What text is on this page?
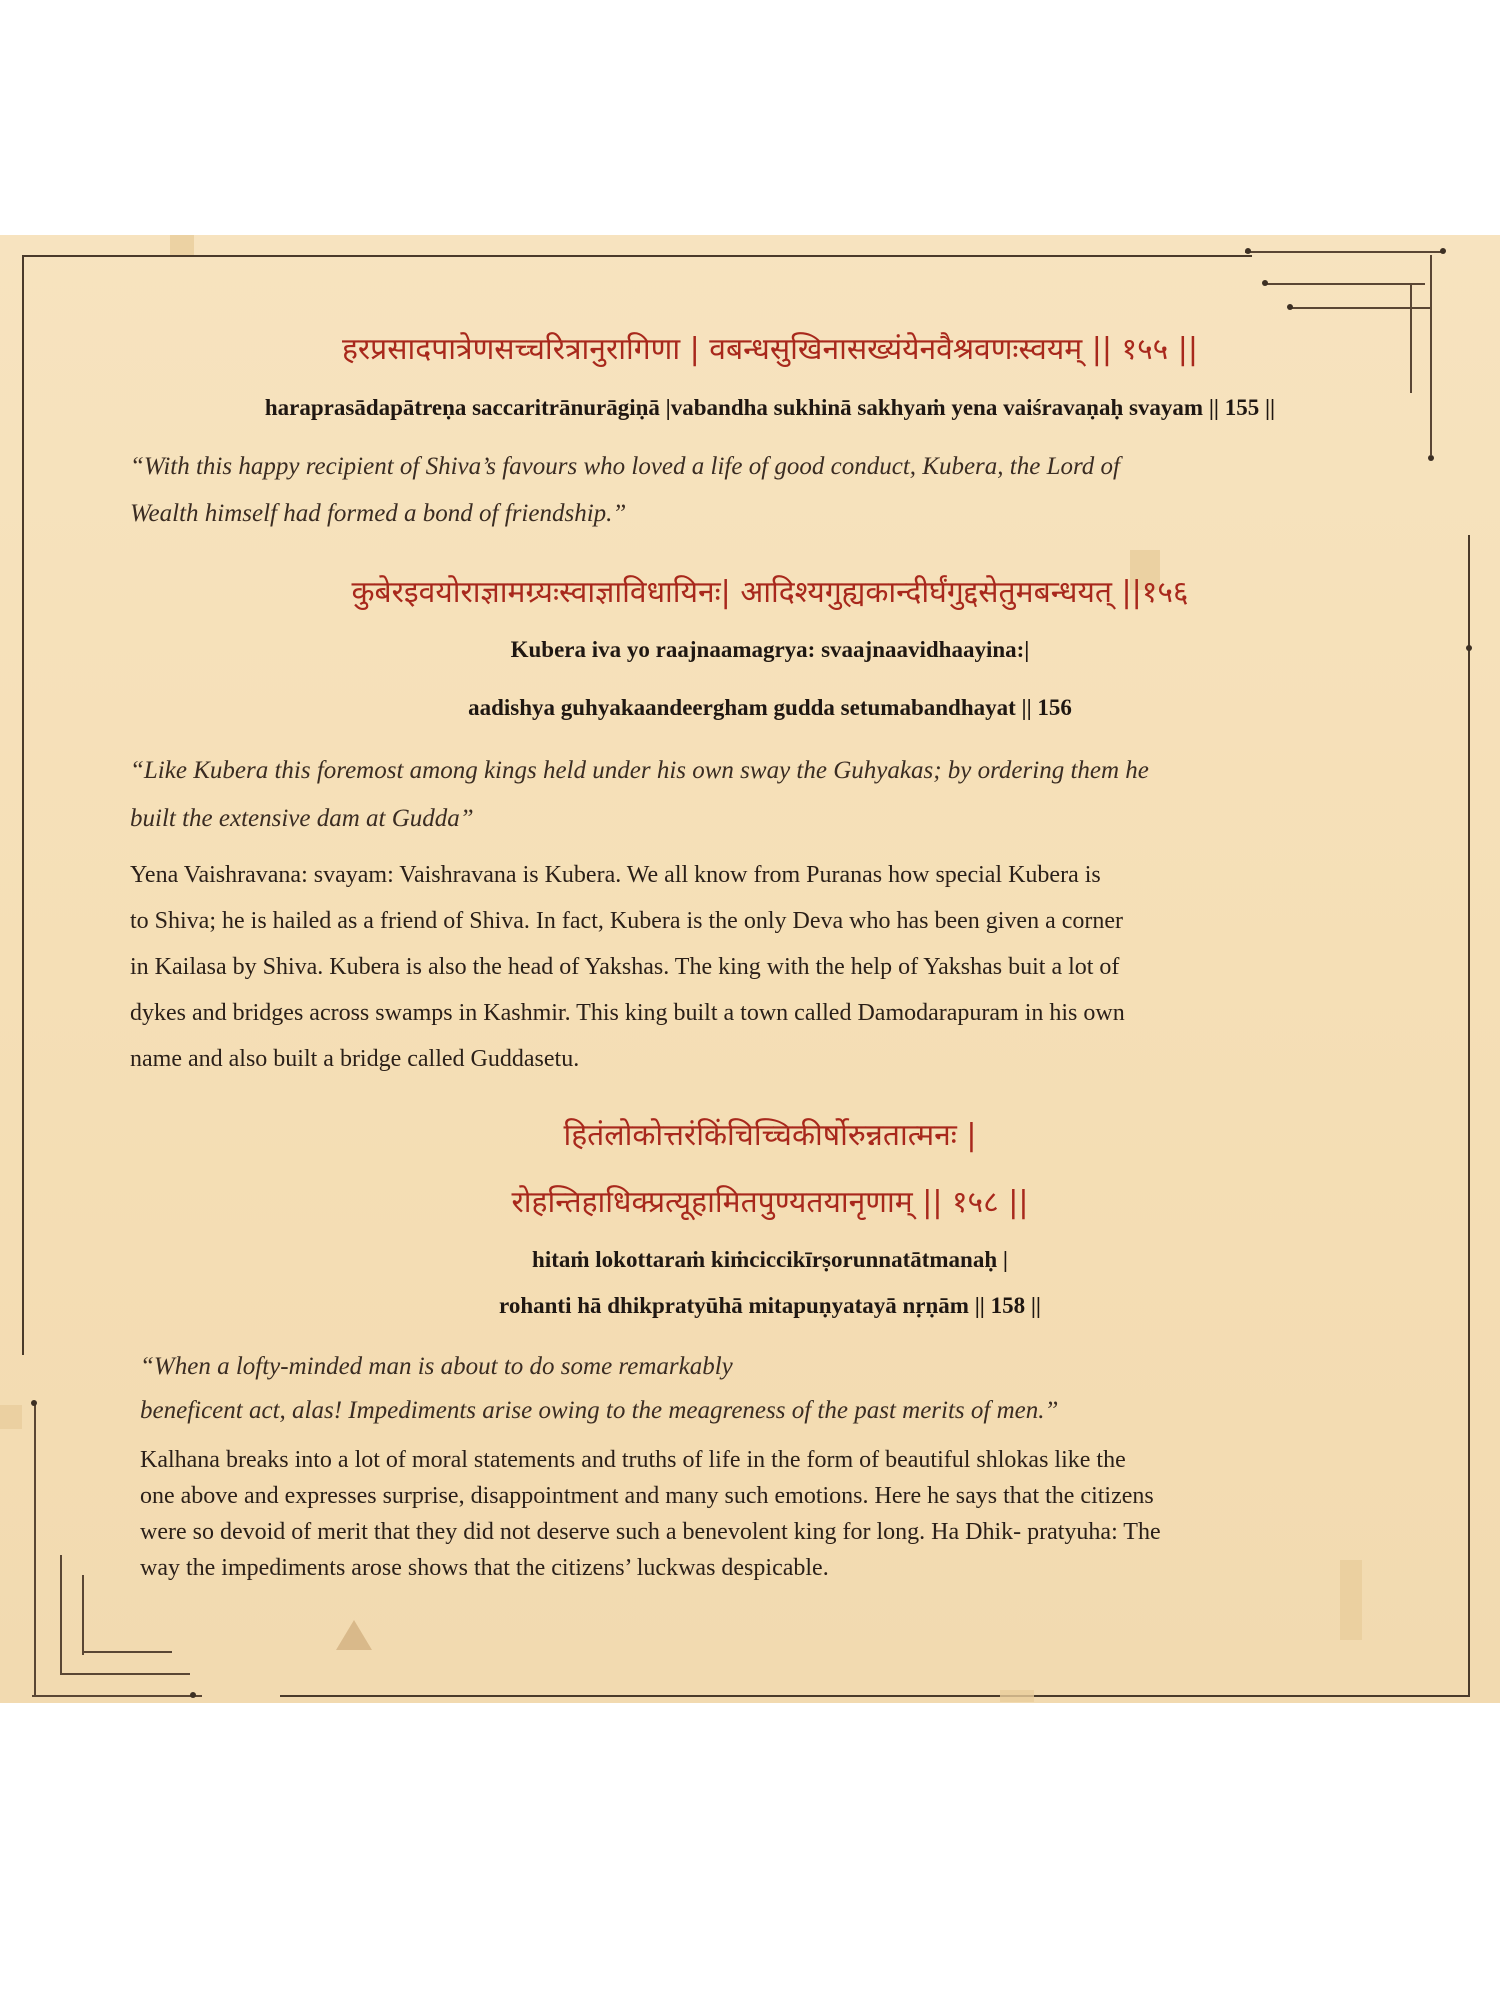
हरप्रसादपात्रेणसच्चरित्रानुरागिणा | वबन्धसुखिनासख्यंयेनवैश्रवणःस्वयम् || १५५ ||
haraprasādapātreṇa saccaritrānurāgiṇā |vabandha sukhinā sakhyaṁ yena vaiśravaṇaḥ svayam || 155 ||
“With this happy recipient of Shiva’s favours who loved a life of good conduct, Kubera, the Lord of
Wealth himself had formed a bond of friendship.”
कुबेरइवयोराज्ञामग्र्यःस्वाज्ञाविधायिनः| आदिश्यगुह्यकान्दीर्घंगुद्दसेतुमबन्धयत् ||१५६
Kubera iva yo raajnaamagrya: svaajnaavidhaayina:|
aadishya guhyakaandeergham gudda setumabandhayat || 156
“Like Kubera this foremost among kings held under his own sway the Guhyakas; by ordering them he
built the extensive dam at Gudda”
Yena Vaishravana: svayam: Vaishravana is Kubera. We all know from Puranas how special Kubera is
to Shiva; he is hailed as a friend of Shiva. In fact, Kubera is the only Deva who has been given a corner
in Kailasa by Shiva. Kubera is also the head of Yakshas. The king with the help of Yakshas buit a lot of
dykes and bridges across swamps in Kashmir. This king built a town called Damodarapuram in his own
name and also built a bridge called Guddasetu.
हितंलोकोत्तरंकिंचिच्चिकीर्षोरुन्नतात्मनः |
रोहन्तिहाधिक्प्रत्यूहामितपुण्यतयानृणाम् || १५८ ||
hitaṁ lokottaraṁ kiṁciccikīrṣorunnatātmanaḥ |
rohanti hā dhikpratyūhā mitapuṇyatayā nṛṇām || 158 ||
“When a lofty-minded man is about to do some remarkably
beneficent act, alas! Impediments arise owing to the meagreness of the past merits of men.”
Kalhana breaks into a lot of moral statements and truths of life in the form of beautiful shlokas like the
one above and expresses surprise, disappointment and many such emotions. Here he says that the citizens
were so devoid of merit that they did not deserve such a benevolent king for long. Ha Dhik- pratyuha: The
way the impediments arose shows that the citizens’ luckwas despicable.
